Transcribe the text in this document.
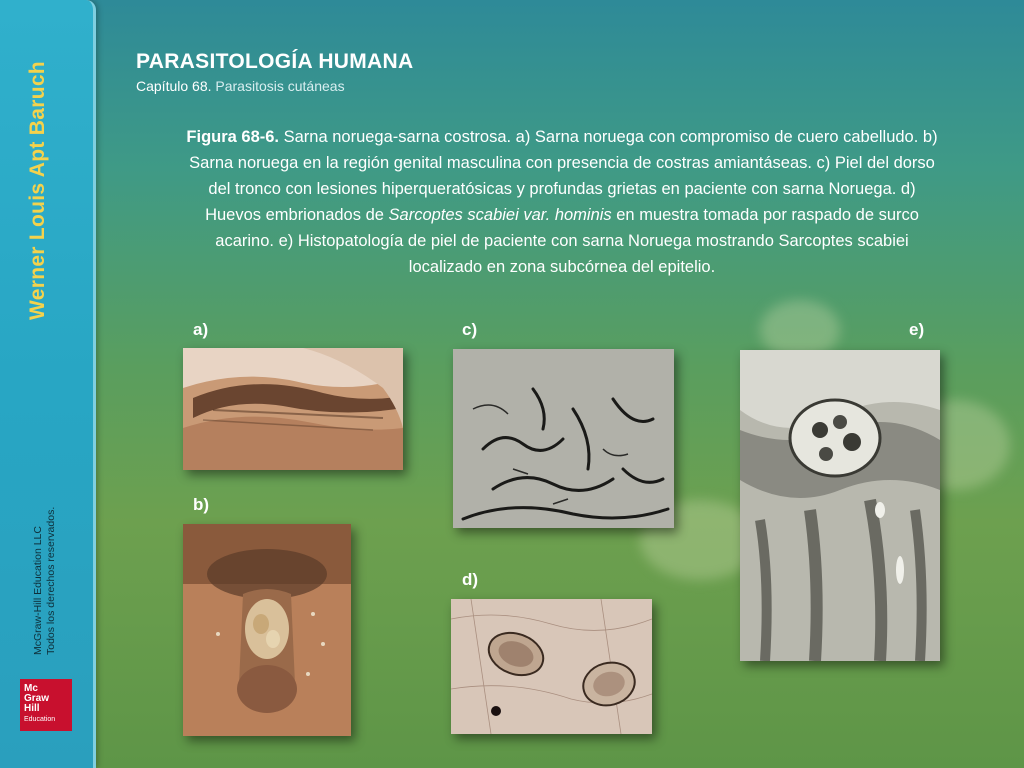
Werner Louis Apt Baruch
McGraw-Hill Education LLC Todos los derechos reservados.
Mc
Graw
Hill
Education
PARASITOLOGÍA HUMANA
Capítulo 68. Parasitosis cutáneas
Figura 68-6. Sarna noruega-sarna costrosa. a) Sarna noruega con compromiso de cuero cabelludo. b) Sarna noruega en la región genital masculina con presencia de costras amiantáseas. c) Piel del dorso del tronco con lesiones hiperqueratósicas y profundas grietas en paciente con sarna Noruega. d) Huevos embrionados de Sarcoptes scabiei var. hominis en muestra tomada por raspado de surco acarino. e) Histopatología de piel de paciente con sarna Noruega mostrando Sarcoptes scabiei localizado en zona subcórnea del epitelio.
a)
b)
c)
d)
e)
